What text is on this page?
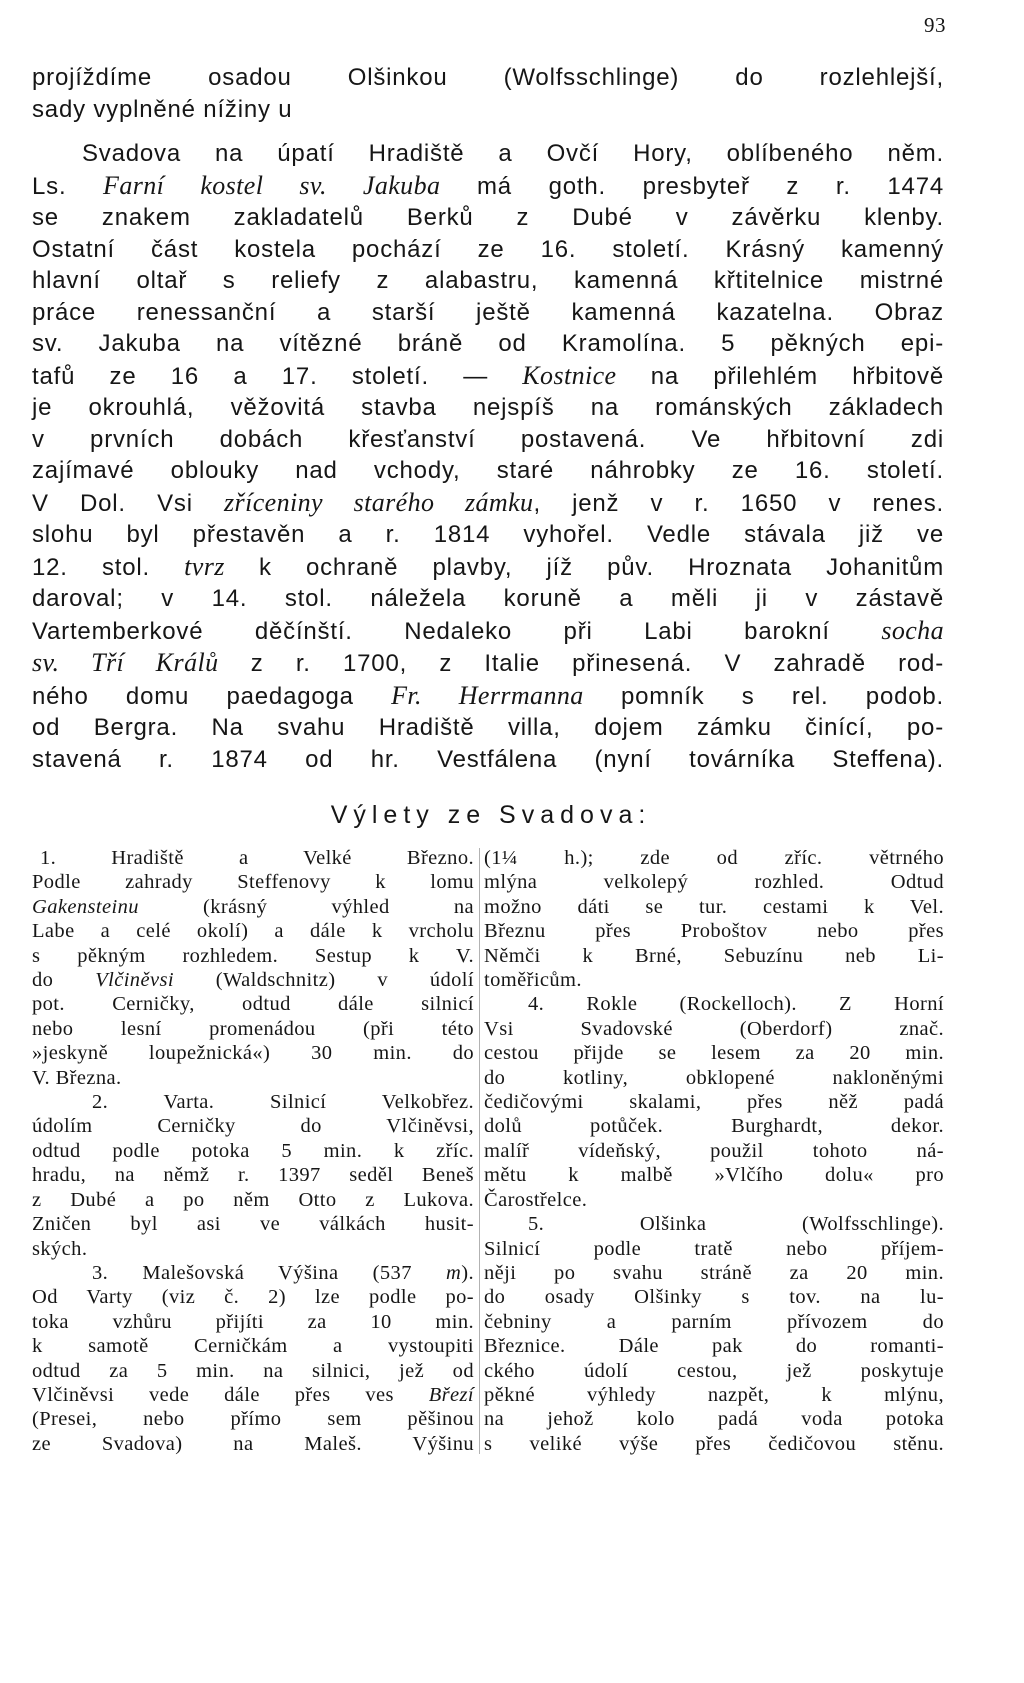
93
projíždíme osadou Olšinkou (Wolfsschlinge) do rozlehlejší,
sady vyplněné nížiny u
Svadova na úpatí Hradiště a Ovčí Hory, oblíbeného něm.
Ls. Farní kostel sv. Jakuba má goth. presbyteř z r. 1474
se znakem zakladatelů Berků z Dubé v závěrku klenby.
Ostatní část kostela pochází ze 16. století. Krásný kamenný
hlavní oltař s reliefy z alabastru, kamenná křtitelnice mistrné
práce renessanční a starší ještě kamenná kazatelna. Obraz
sv. Jakuba na vítězné bráně od Kramolína. 5 pěkných epi-
tafů ze 16 a 17. století. — Kostnice na přilehlém hřbitově
je okrouhlá, věžovitá stavba nejspíš na románských základech
v prvních dobách křesťanství postavená. Ve hřbitovní zdi
zajímavé oblouky nad vchody, staré náhrobky ze 16. století.
V Dol. Vsi zříceniny starého zámku, jenž v r. 1650 v renes.
slohu byl přestavěn a r. 1814 vyhořel. Vedle stávala již ve
12. stol. tvrz k ochraně plavby, jíž pův. Hroznata Johanitům
daroval; v 14. stol. náležela koruně a měli ji v zástavě
Vartemberkové děčínští. Nedaleko při Labi barokní socha
sv. Tří Králů z r. 1700, z Italie přinesená. V zahradě rod-
ného domu paedagoga Fr. Herrmanna pomník s rel. podob.
od Bergra. Na svahu Hradiště villa, dojem zámku činící, po-
stavená r. 1874 od hr. Vestfálena (nyní továrníka Steffena).
Výlety ze Svadova:
1. Hradiště a Velké Březno.
Podle zahrady Steffenovy k lomu
Gakensteinu (krásný výhled na
Labe a celé okolí) a dále k vrcholu
s pěkným rozhledem. Sestup k V.
do Vlčiněvsi (Waldschnitz) v údolí
pot. Cerničky, odtud dále silnicí
nebo lesní promenádou (při této
»jeskyně loupežnická«) 30 min. do
V. Března.
2. Varta. Silnicí Velkobřez.
údolím Cerničky do Vlčiněvsi,
odtud podle potoka 5 min. k zříc.
hradu, na němž r. 1397 seděl Beneš
z Dubé a po něm Otto z Lukova.
Zničen byl asi ve válkách husit-
ských.
3. Malešovská Výšina (537 m).
Od Varty (viz č. 2) lze podle po-
toka vzhůru přijíti za 10 min.
k samotě Cerničkám a vystoupiti
odtud za 5 min. na silnici, jež od
Vlčiněvsi vede dále přes ves Březí
(Presei, nebo přímo sem pěšinou
ze Svadova) na Maleš. Výšinu
(1¼ h.); zde od zříc. větrného
mlýna velkolepý rozhled. Odtud
možno dáti se tur. cestami k Vel.
Březnu přes Proboštov nebo přes
Němči k Brné, Sebuzínu neb Li-
toměřicům.
4. Rokle (Rockelloch). Z Horní
Vsi Svadovské (Oberdorf) znač.
cestou přijde se lesem za 20 min.
do kotliny, obklopené nakloněnými
čedičovými skalami, přes něž padá
dolů potůček. Burghardt, dekor.
malíř vídeňský, použil tohoto ná-
mětu k malbě »Vlčího dolu« pro
Čarostřelce.
5. Olšinka (Wolfsschlinge).
Silnicí podle tratě nebo příjem-
něji po svahu stráně za 20 min.
do osady Olšinky s tov. na lu-
čebniny a parním přívozem do
Březnice. Dále pak do romanti-
ckého údolí cestou, jež poskytuje
pěkné výhledy nazpět, k mlýnu,
na jehož kolo padá voda potoka
s veliké výše přes čedičovou stěnu.
